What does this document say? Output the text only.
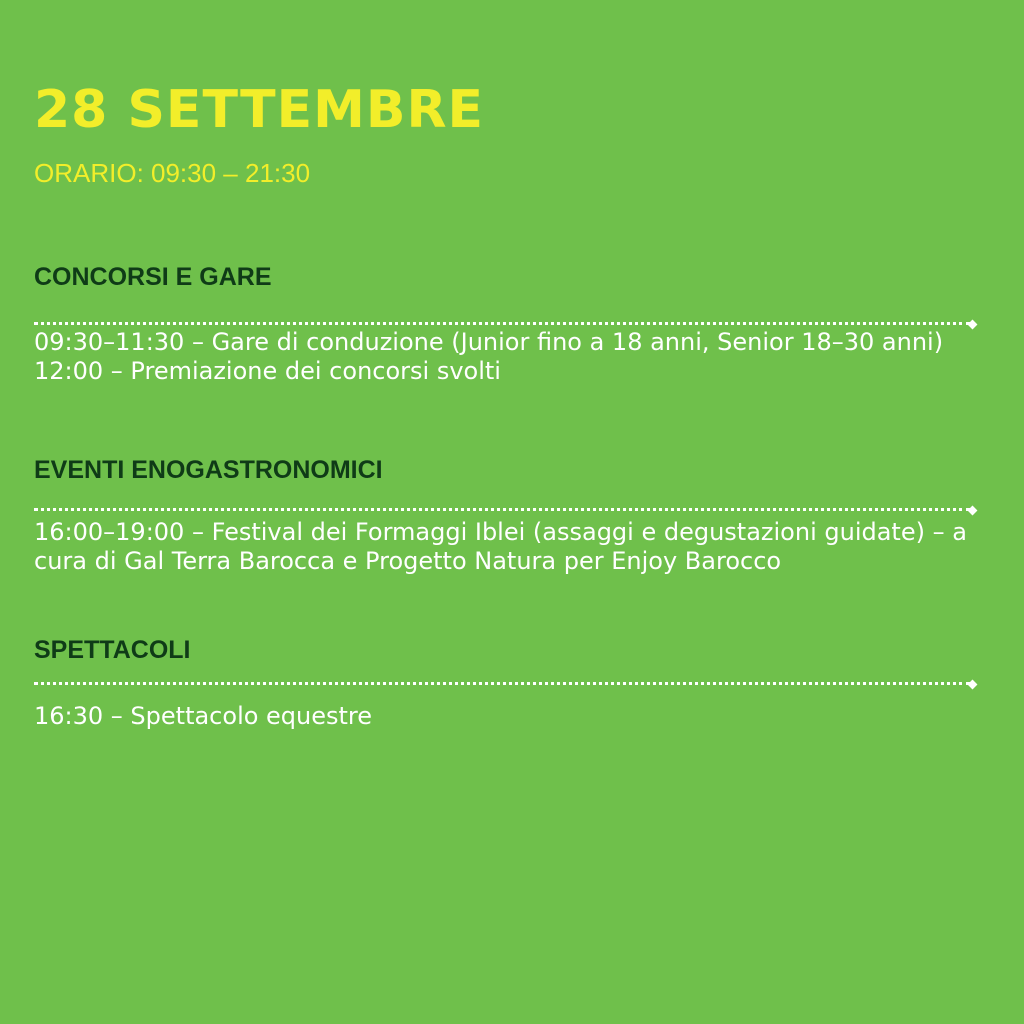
28 SETTEMBRE

ORARIO: 09:30 – 21:30

CONCORSI E GARE
09:30–11:30 – Gare di conduzione (Junior fino a 18 anni, Senior 18–30 anni)
12:00 – Premiazione dei concorsi svolti
EVENTI ENOGASTRONOMICI
16:00–19:00 – Festival dei Formaggi Iblei (assaggi e degustazioni guidate) – a cura di Gal Terra Barocca e Progetto Natura per Enjoy Barocco
SPETTACOLI
16:30 – Spettacolo equestre
